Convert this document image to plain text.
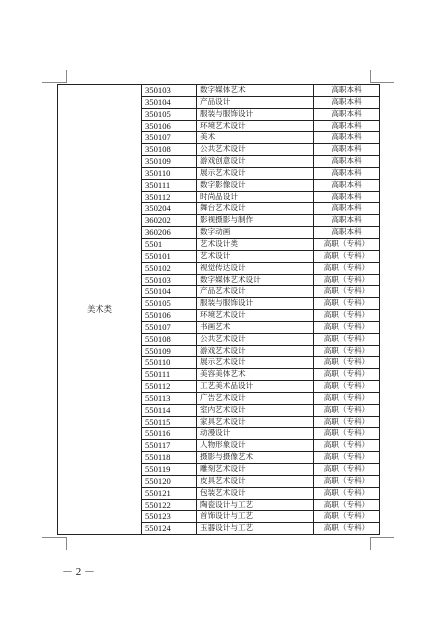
美术类	350103	数字媒体艺术	高职本科
	350104	产品设计	高职本科
	350105	服装与服饰设计	高职本科
	350106	环境艺术设计	高职本科
	350107	美术	高职本科
	350108	公共艺术设计	高职本科
	350109	游戏创意设计	高职本科
	350110	展示艺术设计	高职本科
	350111	数字影像设计	高职本科
	350112	时尚品设计	高职本科
	350204	舞台艺术设计	高职本科
	360202	影视摄影与制作	高职本科
	360206	数字动画	高职本科
	5501	艺术设计类	高职（专科）
	550101	艺术设计	高职（专科）
	550102	视觉传达设计	高职（专科）
	550103	数字媒体艺术设计	高职（专科）
	550104	产品艺术设计	高职（专科）
	550105	服装与服饰设计	高职（专科）
	550106	环境艺术设计	高职（专科）
	550107	书画艺术	高职（专科）
	550108	公共艺术设计	高职（专科）
	550109	游戏艺术设计	高职（专科）
	550110	展示艺术设计	高职（专科）
	550111	美容美体艺术	高职（专科）
	550112	工艺美术品设计	高职（专科）
	550113	广告艺术设计	高职（专科）
	550114	室内艺术设计	高职（专科）
	550115	家具艺术设计	高职（专科）
	550116	动漫设计	高职（专科）
	550117	人物形象设计	高职（专科）
	550118	摄影与摄像艺术	高职（专科）
	550119	雕刻艺术设计	高职（专科）
	550120	皮具艺术设计	高职（专科）
	550121	包装艺术设计	高职（专科）
	550122	陶瓷设计与工艺	高职（专科）
	550123	首饰设计与工艺	高职（专科）
	550124	玉器设计与工艺	高职（专科）
－ 2 －
